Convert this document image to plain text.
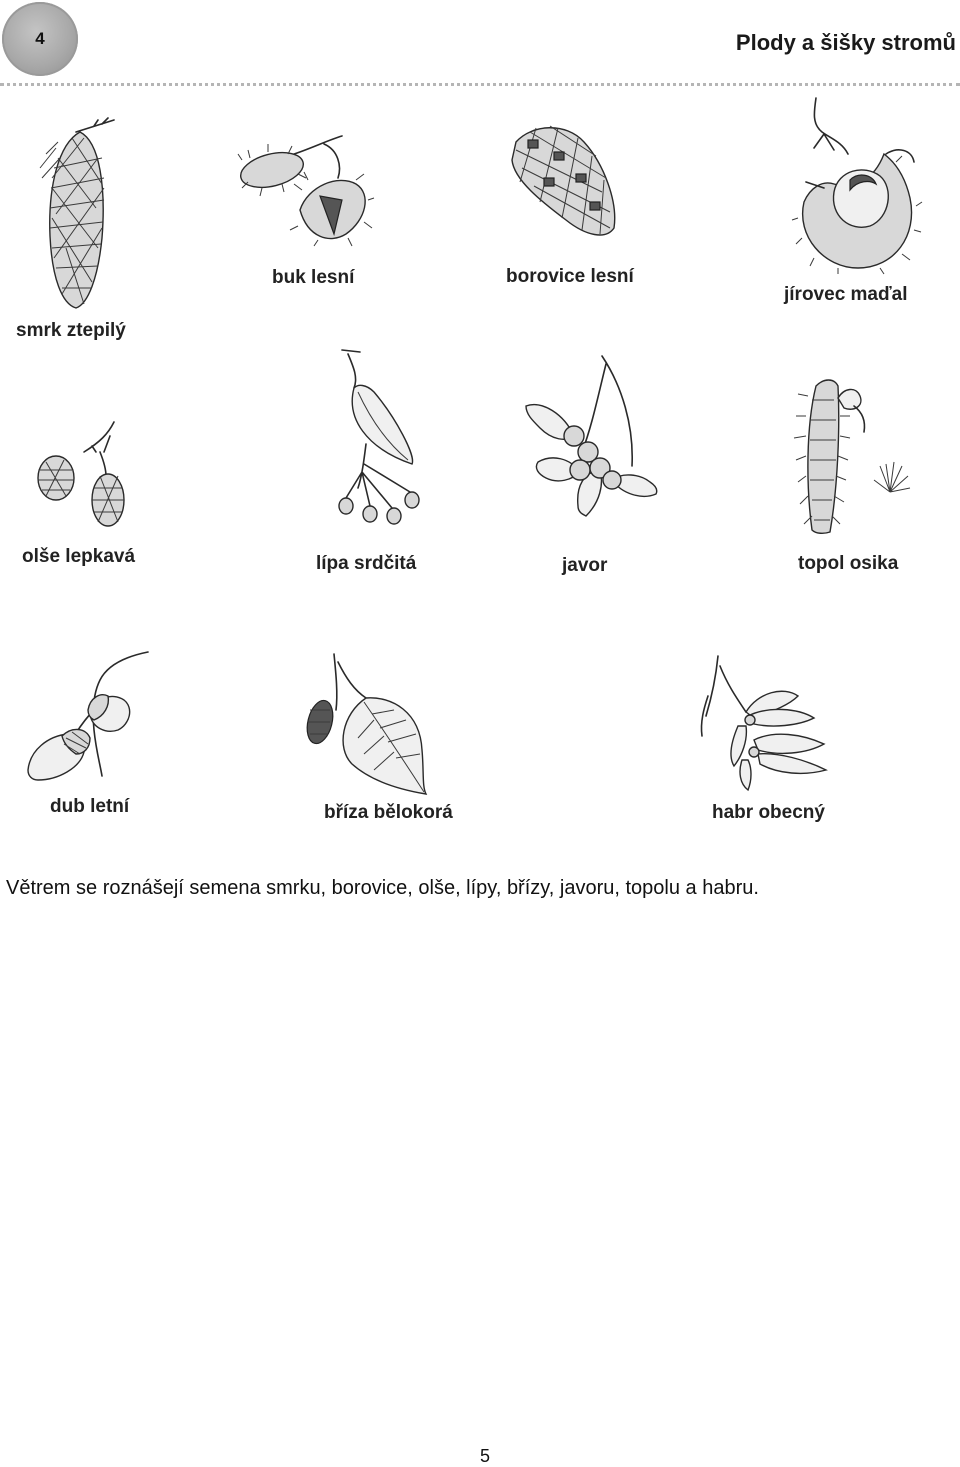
4	Plody a šišky stromů
smrk ztepilý
buk lesní	borovice lesní
jírovec maďal
olše lepkavá	lípa srdčitá	javor	topol osika
dub letní	bříza bělokorá	habr obecný
Větrem se roznášejí semena smrku, borovice, olše, lípy, břízy, javoru, topolu a habru.
5
